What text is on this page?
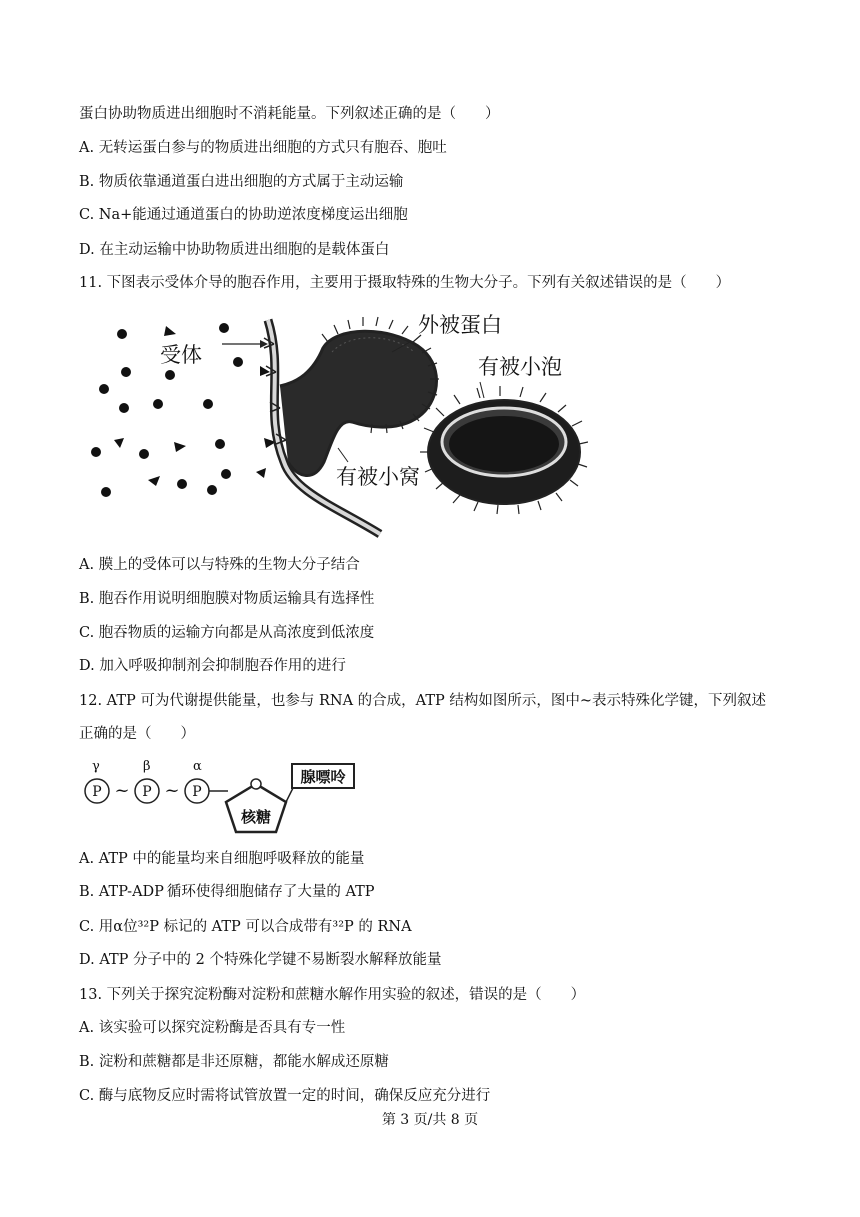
蛋白协助物质进出细胞时不消耗能量。下列叙述正确的是（　　）
A. 无转运蛋白参与的物质进出细胞的方式只有胞吞、胞吐
B. 物质依靠通道蛋白进出细胞的方式属于主动运输
C. Na+能通过通道蛋白的协助逆浓度梯度运出细胞
D. 在主动运输中协助物质进出细胞的是载体蛋白
11. 下图表示受体介导的胞吞作用，主要用于摄取特殊的生物大分子。下列有关叙述错误的是（　　）
受体
外被蛋白
有被小泡
有被小窝
A. 膜上的受体可以与特殊的生物大分子结合
B. 胞吞作用说明细胞膜对物质运输具有选择性
C. 胞吞物质的运输方向都是从高浓度到低浓度
D. 加入呼吸抑制剂会抑制胞吞作用的进行
12. ATP 可为代谢提供能量，也参与 RNA 的合成，ATP 结构如图所示，图中~表示特殊化学键，下列叙述
正确的是（　　）
γ	β	α
P	P	P
~ ~
核糖
腺嘌呤
A. ATP 中的能量均来自细胞呼吸释放的能量
B. ATP-ADP 循环使得细胞储存了大量的 ATP
C. 用α位³²P 标记的 ATP 可以合成带有³²P 的 RNA
D. ATP 分子中的 2 个特殊化学键不易断裂水解释放能量
13. 下列关于探究淀粉酶对淀粉和蔗糖水解作用实验的叙述，错误的是（　　）
A. 该实验可以探究淀粉酶是否具有专一性
B. 淀粉和蔗糖都是非还原糖，都能水解成还原糖
C. 酶与底物反应时需将试管放置一定的时间，确保反应充分进行
第 3 页/共 8 页
